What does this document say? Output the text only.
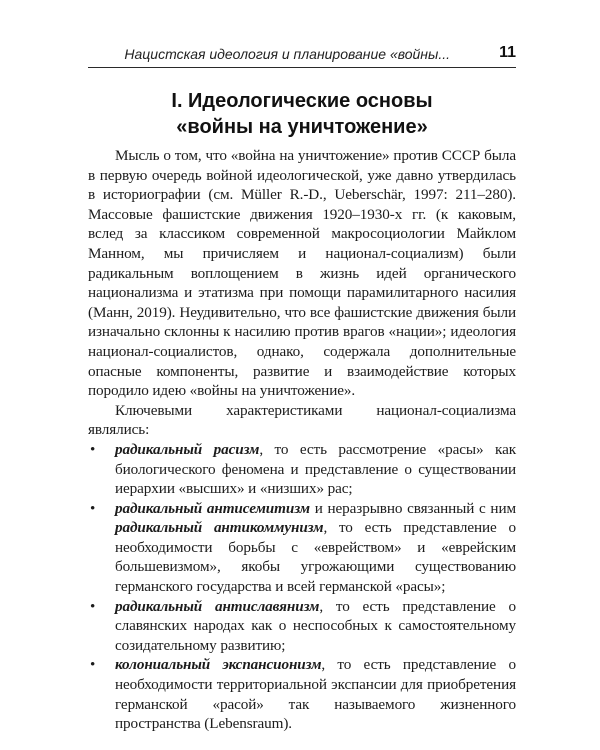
Нацистская идеология и планирование «войны...	11
I. Идеологические основы
«войны на уничтожение»

Мысль о том, что «война на уничтожение» против СССР была в первую очередь войной идеологической, уже давно утвердилась в историографии (см. Müller R.-D., Ueberschär, 1997: 211–280). Массовые фашистские движения 1920–1930-х гг. (к каковым, вслед за классиком современной макросоциологии Майклом Манном, мы причисляем и национал-социализм) были радикальным воплощением в жизнь идей органического национализма и этатизма при помощи парамилитарного насилия (Манн, 2019). Неудивительно, что все фашистские движения были изначально склонны к насилию против врагов «нации»; идеология национал-социалистов, однако, содержала дополнительные опасные компоненты, развитие и взаимодействие которых породило идею «войны на уничтожение».

Ключевыми характеристиками национал-социализма являлись:

• радикальный расизм, то есть рассмотрение «расы» как биологического феномена и представление о существовании иерархии «высших» и «низших» рас;
• радикальный антисемитизм и неразрывно связанный с ним радикальный антикоммунизм, то есть представление о необходимости борьбы с «еврейством» и «еврейским большевизмом», якобы угрожающими существованию германского государства и всей германской «расы»;
• радикальный антиславянизм, то есть представление о славянских народах как о неспособных к самостоятельному созидательному развитию;
• колониальный экспансионизм, то есть представление о необходимости территориальной экспансии для приобретения германской «расой» так называемого жизненного пространства (Lebensraum).
